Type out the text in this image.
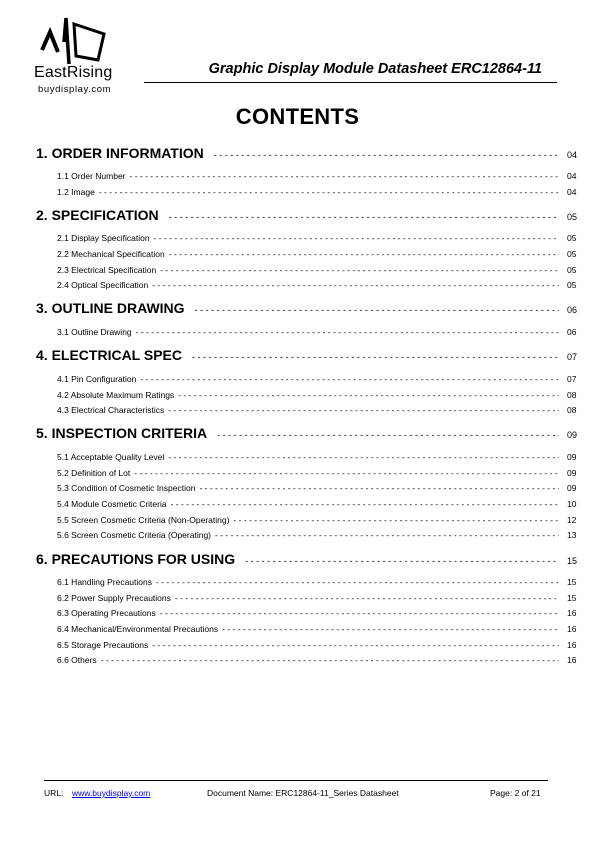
EastRising
buydisplay.com
Graphic Display Module Datasheet ERC12864-11
CONTENTS
1. ORDER INFORMATION - - -	04
1.1 Order Number - - -	04
1.2 Image - - -	04
2. SPECIFICATION - - -	05
2.1 Display Specification - - -	05
2.2 Mechanical Specification - - -	05
2.3 Electrical Specification - - -	05
2.4 Optical Specification - - -	05
3. OUTLINE DRAWING - - -	06
3.1 Outline Drawing - - -	06
4. ELECTRICAL SPEC - - -	07
4.1 Pin Configuration - - -	07
4.2 Absolute Maximum Ratings - - -	08
4.3 Electrical Characteristics - - -	08
5. INSPECTION CRITERIA - - -	09
5.1 Acceptable Quality Level - - -	09
5.2 Definition of Lot - - -	09
5.3 Condition of Cosmetic Inspection - - -	09
5.4 Module Cosmetic Criteria - - -	10
5.5 Screen Cosmetic Criteria (Non-Operating) - - -	12
5.6 Screen Cosmetic Criteria (Operating) - - -	13
6. PRECAUTIONS FOR USING - - -	15
6.1 Handling Precautions - - -	15
6.2 Power Supply Precautions - - -	15
6.3 Operating Precautions - - -	16
6.4 Mechanical/Environmental Precautions - - -	16
6.5 Storage Precautions - - -	16
6.6 Others - - -	16
URL: www.buydisplay.com	Document Name: ERC12864-11_Series Datasheet	Page: 2 of 21
